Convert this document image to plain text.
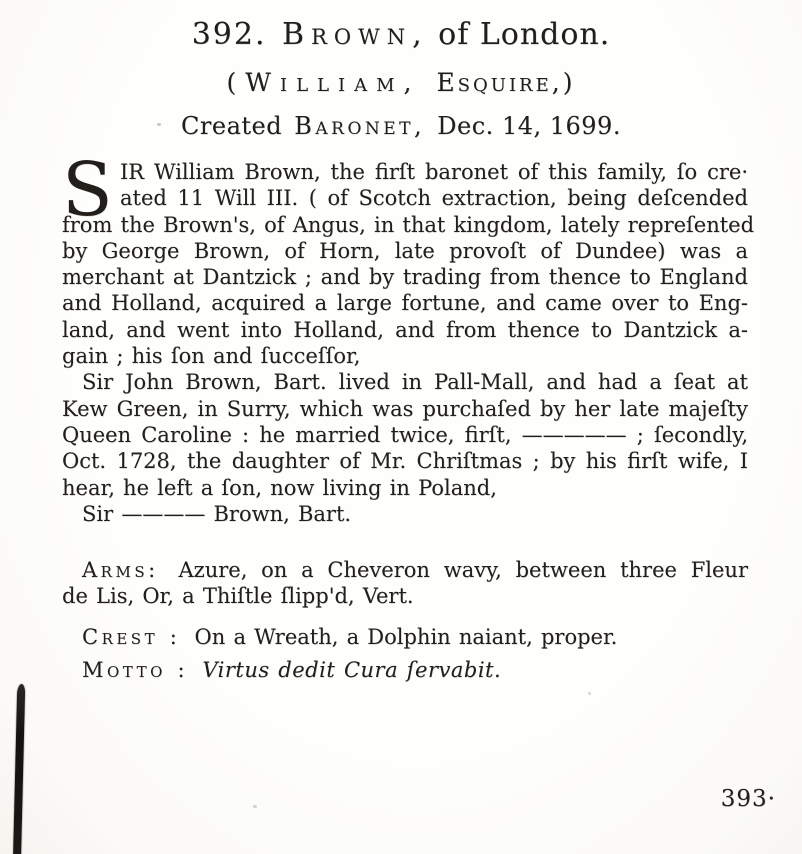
392. Brown, of London.
(William, Esquire,)
Created Baronet, Dec. 14, 1699.
S IR William Brown, the firſt baronet of this family, ſo cre·
ated 11 Will III. ( of Scotch extraction, being deſcended
from the Brown's, of Angus, in that kingdom, lately repreſented
by George Brown, of Horn, late provoſt of Dundee) was a
merchant at Dantzick ; and by trading from thence to England
and Holland, acquired a large fortune, and came over to Eng-
land, and went into Holland, and from thence to Dantzick a-
gain ; his ſon and ſucceſſor,
Sir John Brown, Bart. lived in Pall-Mall, and had a ſeat at
Kew Green, in Surry, which was purchaſed by her late majeſty
Queen Caroline : he married twice, firſt, ————— ; ſecondly,
Oct. 1728, the daughter of Mr. Chriſtmas ; by his firſt wife, I
hear, he left a ſon, now living in Poland,
Sir ———— Brown, Bart.
Arms: Azure, on a Cheveron wavy, between three Fleur
de Lis, Or, a Thiſtle ſlipp'd, Vert.
Crest : On a Wreath, a Dolphin naiant, proper.
Motto : Virtus dedit Cura ſervabit.
393·
